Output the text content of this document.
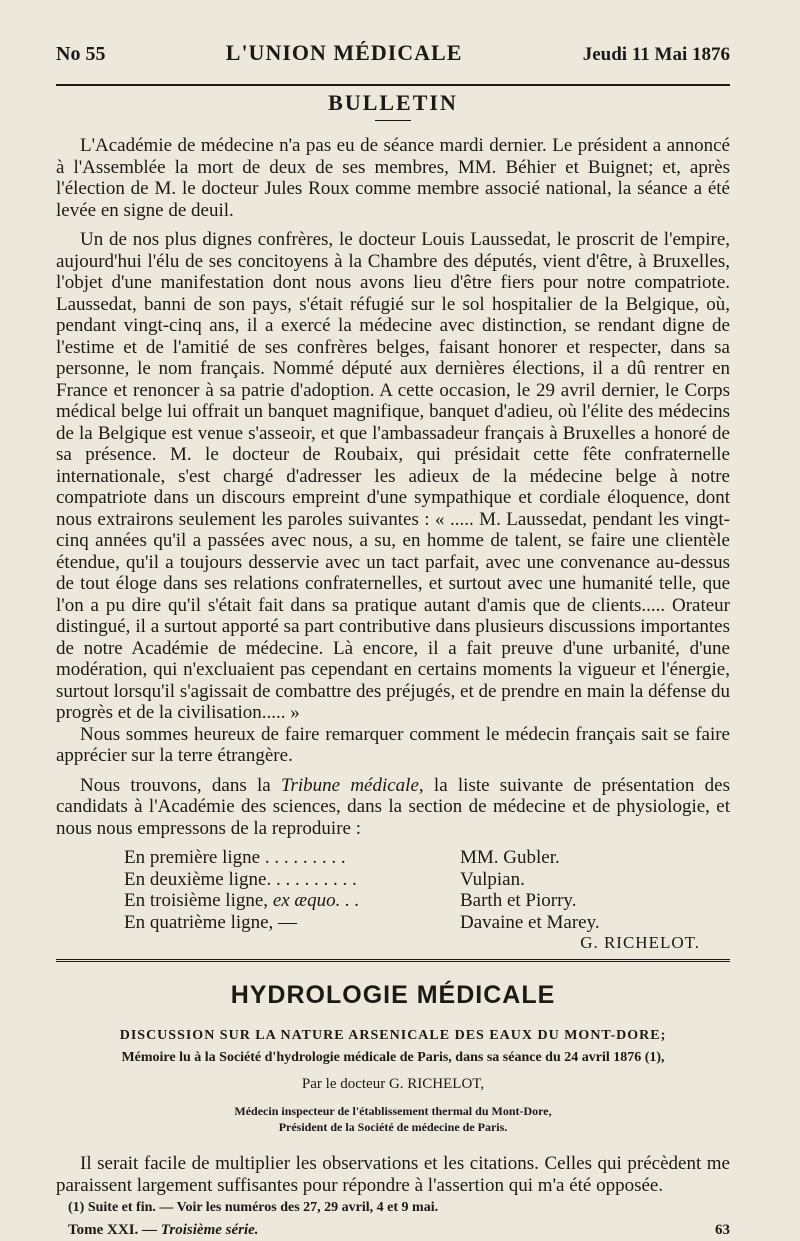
No 55	L'UNION MÉDICALE	Jeudi 11 Mai 1876
BULLETIN

L'Académie de médecine n'a pas eu de séance mardi dernier. Le président a annoncé à l'Assemblée la mort de deux de ses membres, MM. Béhier et Buignet; et, après l'élection de M. le docteur Jules Roux comme membre associé national, la séance a été levée en signe de deuil.

Un de nos plus dignes confrères, le docteur Louis Laussedat, le proscrit de l'empire, aujourd'hui l'élu de ses concitoyens à la Chambre des députés, vient d'être, à Bruxelles, l'objet d'une manifestation dont nous avons lieu d'être fiers pour notre compatriote. Laussedat, banni de son pays, s'était réfugié sur le sol hospitalier de la Belgique, où, pendant vingt-cinq ans, il a exercé la médecine avec distinction, se rendant digne de l'estime et de l'amitié de ses confrères belges, faisant honorer et respecter, dans sa personne, le nom français. Nommé député aux dernières élections, il a dû rentrer en France et renoncer à sa patrie d'adoption. A cette occasion, le 29 avril dernier, le Corps médical belge lui offrait un banquet magnifique, banquet d'adieu, où l'élite des médecins de la Belgique est venue s'asseoir, et que l'ambassadeur français à Bruxelles a honoré de sa présence. M. le docteur de Roubaix, qui présidait cette fête confraternelle internationale, s'est chargé d'adresser les adieux de la médecine belge à notre compatriote dans un discours empreint d'une sympathique et cordiale éloquence, dont nous extrairons seulement les paroles suivantes : « ..... M. Laussedat, pendant les vingt-cinq années qu'il a passées avec nous, a su, en homme de talent, se faire une clientèle étendue, qu'il a toujours desservie avec un tact parfait, avec une convenance au-dessus de tout éloge dans ses relations confraternelles, et surtout avec une humanité telle, que l'on a pu dire qu'il s'était fait dans sa pratique autant d'amis que de clients..... Orateur distingué, il a surtout apporté sa part contributive dans plusieurs discussions importantes de notre Académie de médecine. Là encore, il a fait preuve d'une urbanité, d'une modération, qui n'excluaient pas cependant en certains moments la vigueur et l'énergie, surtout lorsqu'il s'agissait de combattre des préjugés, et de prendre en main la défense du progrès et de la civilisation..... »

Nous sommes heureux de faire remarquer comment le médecin français sait se faire apprécier sur la terre étrangère.

Nous trouvons, dans la Tribune médicale, la liste suivante de présentation des candidats à l'Académie des sciences, dans la section de médecine et de physiologie, et nous nous empressons de la reproduire :

En première ligne . . . . . . . . .	MM. Gubler.
En deuxième ligne. . . . . . . . . .	Vulpian.
En troisième ligne, ex æquo. . .	Barth et Piorry.
En quatrième ligne, —	Davaine et Marey.
G. RICHELOT.
HYDROLOGIE MÉDICALE
DISCUSSION SUR LA NATURE ARSENICALE DES EAUX DU MONT-DORE;
Mémoire lu à la Société d'hydrologie médicale de Paris, dans sa séance du 24 avril 1876 (1),
Par le docteur G. RICHELOT,
Médecin inspecteur de l'établissement thermal du Mont-Dore,
Président de la Société de médecine de Paris.

Il serait facile de multiplier les observations et les citations. Celles qui précèdent me paraissent largement suffisantes pour répondre à l'assertion qui m'a été opposée.

(1) Suite et fin. — Voir les numéros des 27, 29 avril, 4 et 9 mai.
Tome XXI. — Troisième série.	63
